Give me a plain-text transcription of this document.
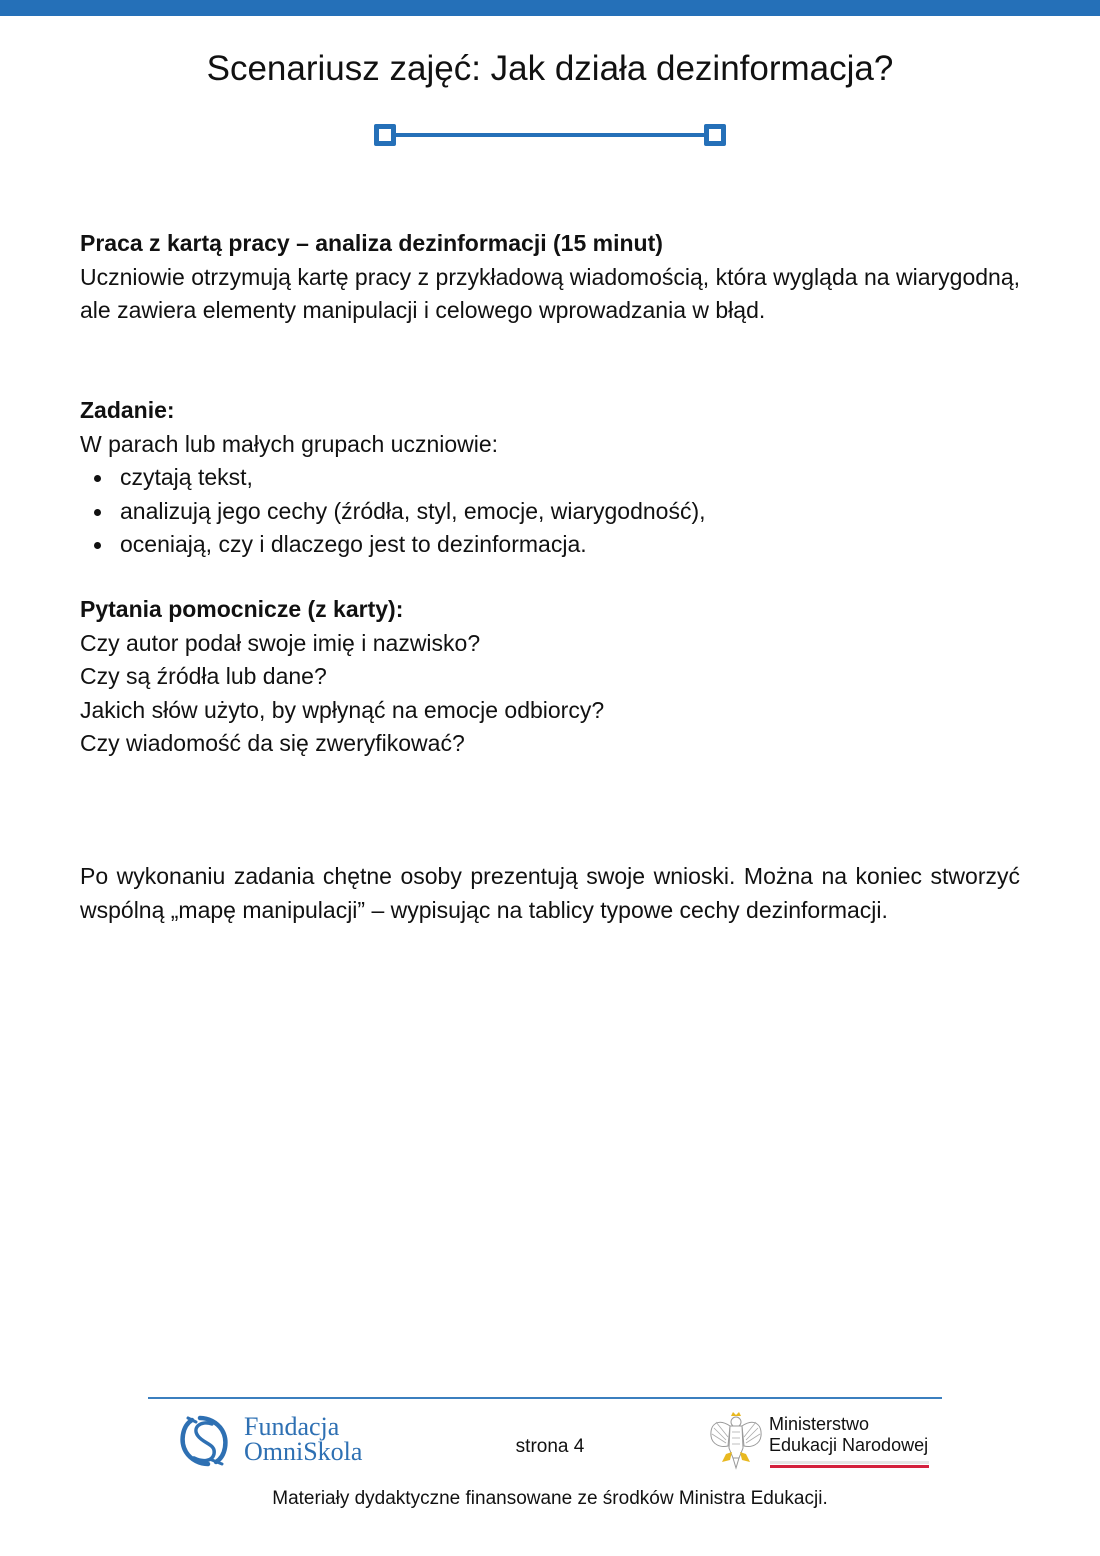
Scenariusz zajęć: Jak działa dezinformacja?
Praca z kartą pracy – analiza dezinformacji (15 minut)

Uczniowie otrzymują kartę pracy z przykładową wiadomością, która wygląda na wiarygodną, ale zawiera elementy manipulacji i celowego wprowadzania w błąd.

Zadanie:

W parach lub małych grupach uczniowie:

czytają tekst,
analizują jego cechy (źródła, styl, emocje, wiarygodność),
oceniają, czy i dlaczego jest to dezinformacja.
Pytania pomocnicze (z karty):

Czy autor podał swoje imię i nazwisko?

Czy są źródła lub dane?

Jakich słów użyto, by wpłynąć na emocje odbiorcy?

Czy wiadomość da się zweryfikować?

Po wykonaniu zadania chętne osoby prezentują swoje wnioski. Można na koniec stworzyć wspólną „mapę manipulacji” – wypisując na tablicy typowe cechy dezinformacji.

Fundacja
OmniSkola	strona 4
Ministerstwo
Edukacji Narodowej
Materiały dydaktyczne finansowane ze środków Ministra Edukacji.
